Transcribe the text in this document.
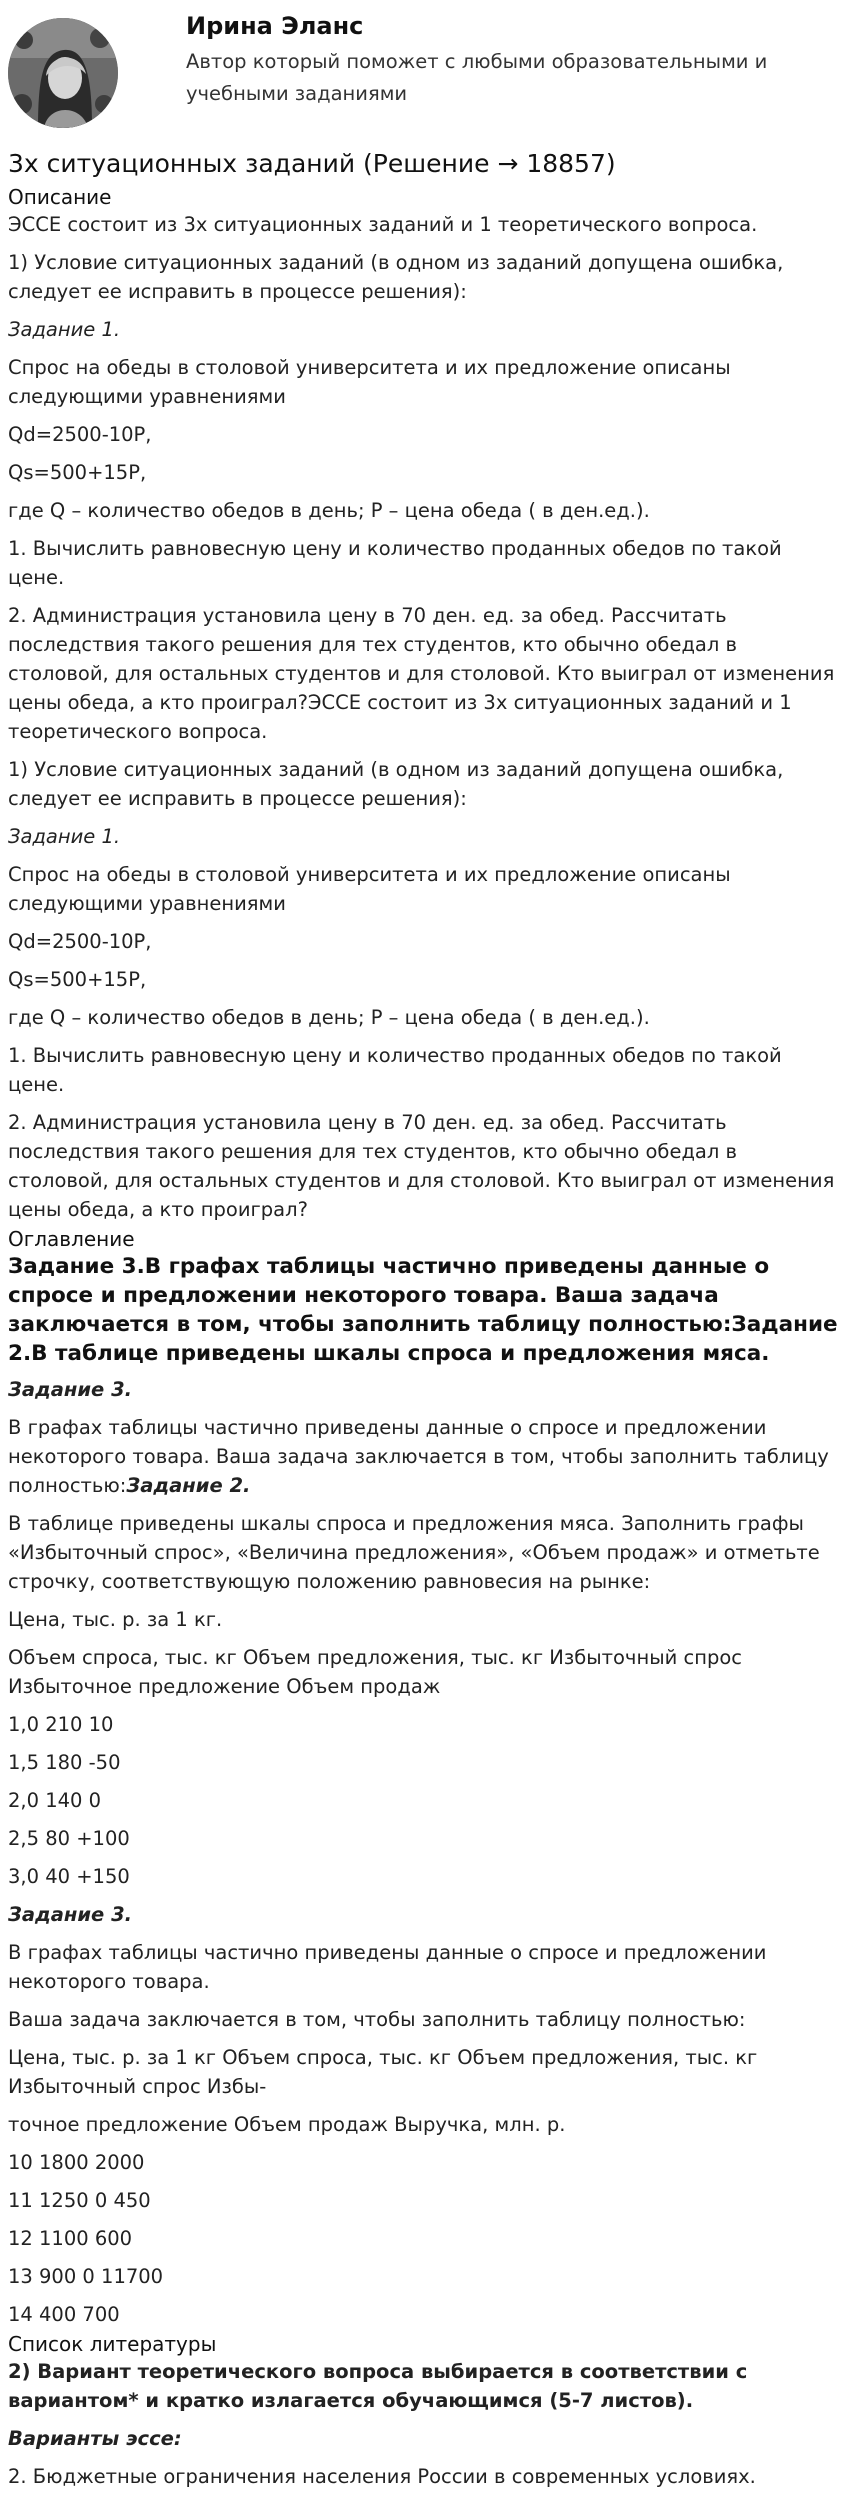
Ирина Эланс
Автор который поможет с любыми образовательными и учебными заданиями
3х ситуационных заданий (Решение → 18857)
Описание

ЭССЕ состоит из 3х ситуационных заданий и 1 теоретического вопроса.

1) Условие ситуационных заданий (в одном из заданий допущена ошибка, следует ее исправить в процессе решения):

Задание 1.

Спрос на обеды в столовой университета и их предложение описаны следующими уравнениями

Qd=2500-10P,

Qs=500+15P,

где Q – количество обедов в день; P – цена обеда ( в ден.ед.).

1. Вычислить равновесную цену и количество проданных обедов по такой цене.

2. Администрация установила цену в 70 ден. ед. за обед. Рассчитать последствия такого решения для тех студентов, кто обычно обедал в столовой, для остальных студентов и для столовой. Кто выиграл от изменения цены обеда, а кто проиграл?ЭССЕ состоит из 3х ситуационных заданий и 1 теоретического вопроса.

1) Условие ситуационных заданий (в одном из заданий допущена ошибка, следует ее исправить в процессе решения):

Задание 1.

Спрос на обеды в столовой университета и их предложение описаны следующими уравнениями

Qd=2500-10P,

Qs=500+15P,

где Q – количество обедов в день; P – цена обеда ( в ден.ед.).

1. Вычислить равновесную цену и количество проданных обедов по такой цене.

2. Администрация установила цену в 70 ден. ед. за обед. Рассчитать последствия такого решения для тех студентов, кто обычно обедал в столовой, для остальных студентов и для столовой. Кто выиграл от изменения цены обеда, а кто проиграл?

Оглавление

Задание 3.В графах таблицы частично приведены данные о спросе и предложении некоторого товара. Ваша задача заключается в том, чтобы заполнить таблицу полностью:Задание 2.В таблице приведены шкалы спроса и предложения мяса.

Задание 3.

В графах таблицы частично приведены данные о спросе и предложении некоторого товара. Ваша задача заключается в том, чтобы заполнить таблицу полностью:Задание 2.

В таблице приведены шкалы спроса и предложения мяса. Заполнить графы «Избыточный спрос», «Величина предложения», «Объем продаж» и отметьте строчку, соответствующую положению равновесия на рынке:

Цена, тыс. р. за 1 кг.

Объем спроса, тыс. кг Объем предложения, тыс. кг Избыточный спрос Избыточное предложение Объем продаж

1,0 210 10

1,5 180 -50

2,0 140 0

2,5 80 +100

3,0 40 +150

Задание 3.

В графах таблицы частично приведены данные о спросе и предложении некоторого товара.

Ваша задача заключается в том, чтобы заполнить таблицу полностью:

Цена, тыс. р. за 1 кг Объем спроса, тыс. кг Объем предложения, тыс. кг Избыточный спрос Избы-

точное предложение Объем продаж Выручка, млн. р.

10 1800 2000

11 1250 0 450

12 1100 600

13 900 0 11700

14 400 700

Список литературы

2) Вариант теоретического вопроса выбирается в соответствии с вариантом* и кратко излагается обучающимся (5-7 листов).

Варианты эссе:

2. Бюджетные ограничения населения России в современных условиях.
